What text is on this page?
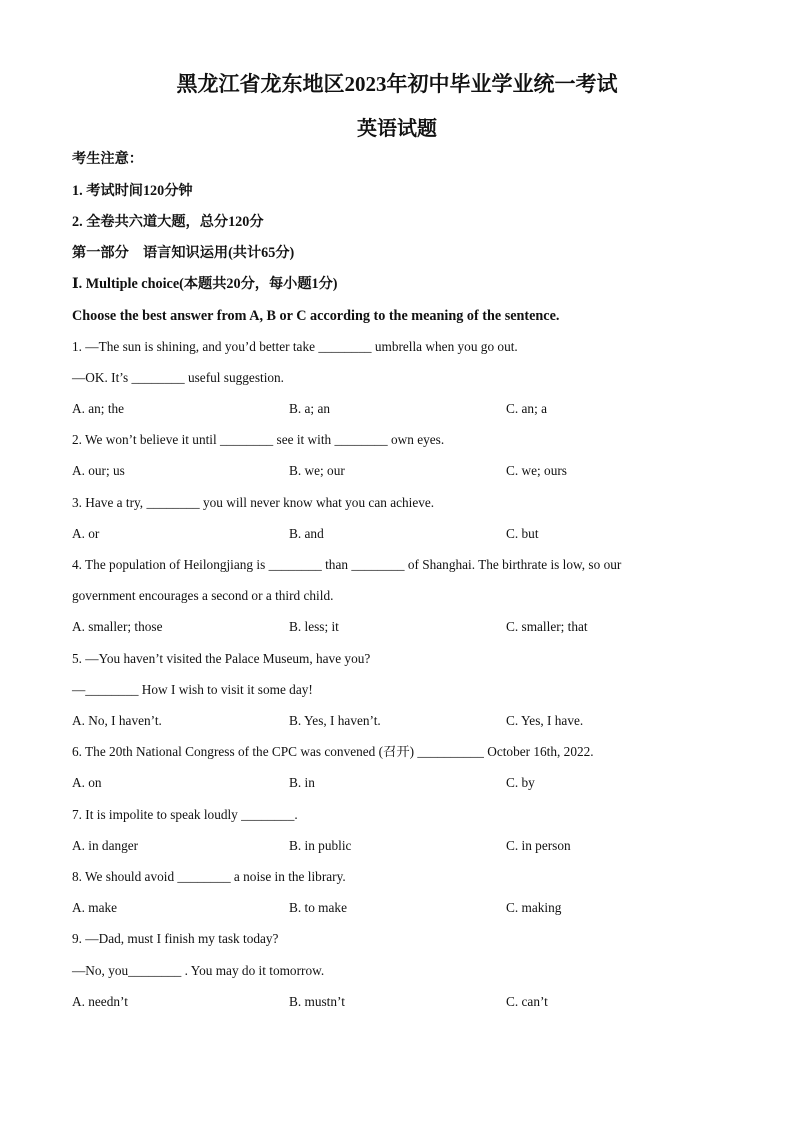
黑龙江省龙东地区2023年初中毕业学业统一考试
英语试题
考生注意：
1. 考试时间120分钟
2. 全卷共六道大题，总分120分
第一部分　语言知识运用(共计65分)
Ⅰ. Multiple choice(本题共20分，每小题1分)
Choose the best answer from A, B or C according to the meaning of the sentence.
1. —The sun is shining, and you’d better take ________ umbrella when you go out.
—OK. It’s ________ useful suggestion.
A. an; the	B. a; an	C. an; a
2. We won’t believe it until ________ see it with ________ own eyes.
A. our; us	B. we; our	C. we; ours
3. Have a try, ________ you will never know what you can achieve.
A. or	B. and	C. but
4. The population of Heilongjiang is ________ than ________ of Shanghai. The birthrate is low, so our
government encourages a second or a third child.
A. smaller; those	B. less; it	C. smaller; that
5. —You haven’t visited the Palace Museum, have you?
—________ How I wish to visit it some day!
A. No, I haven’t.	B. Yes, I haven’t.	C. Yes, I have.
6. The 20th National Congress of the CPC was convened (召开) __________ October 16th, 2022.
A. on	B. in	C. by
7. It is impolite to speak loudly ________.
A. in danger	B. in public	C. in person
8. We should avoid ________ a noise in the library.
A. make	B. to make	C. making
9. —Dad, must I finish my task today?
—No, you________ . You may do it tomorrow.
A. needn’t	B. mustn’t	C. can’t
